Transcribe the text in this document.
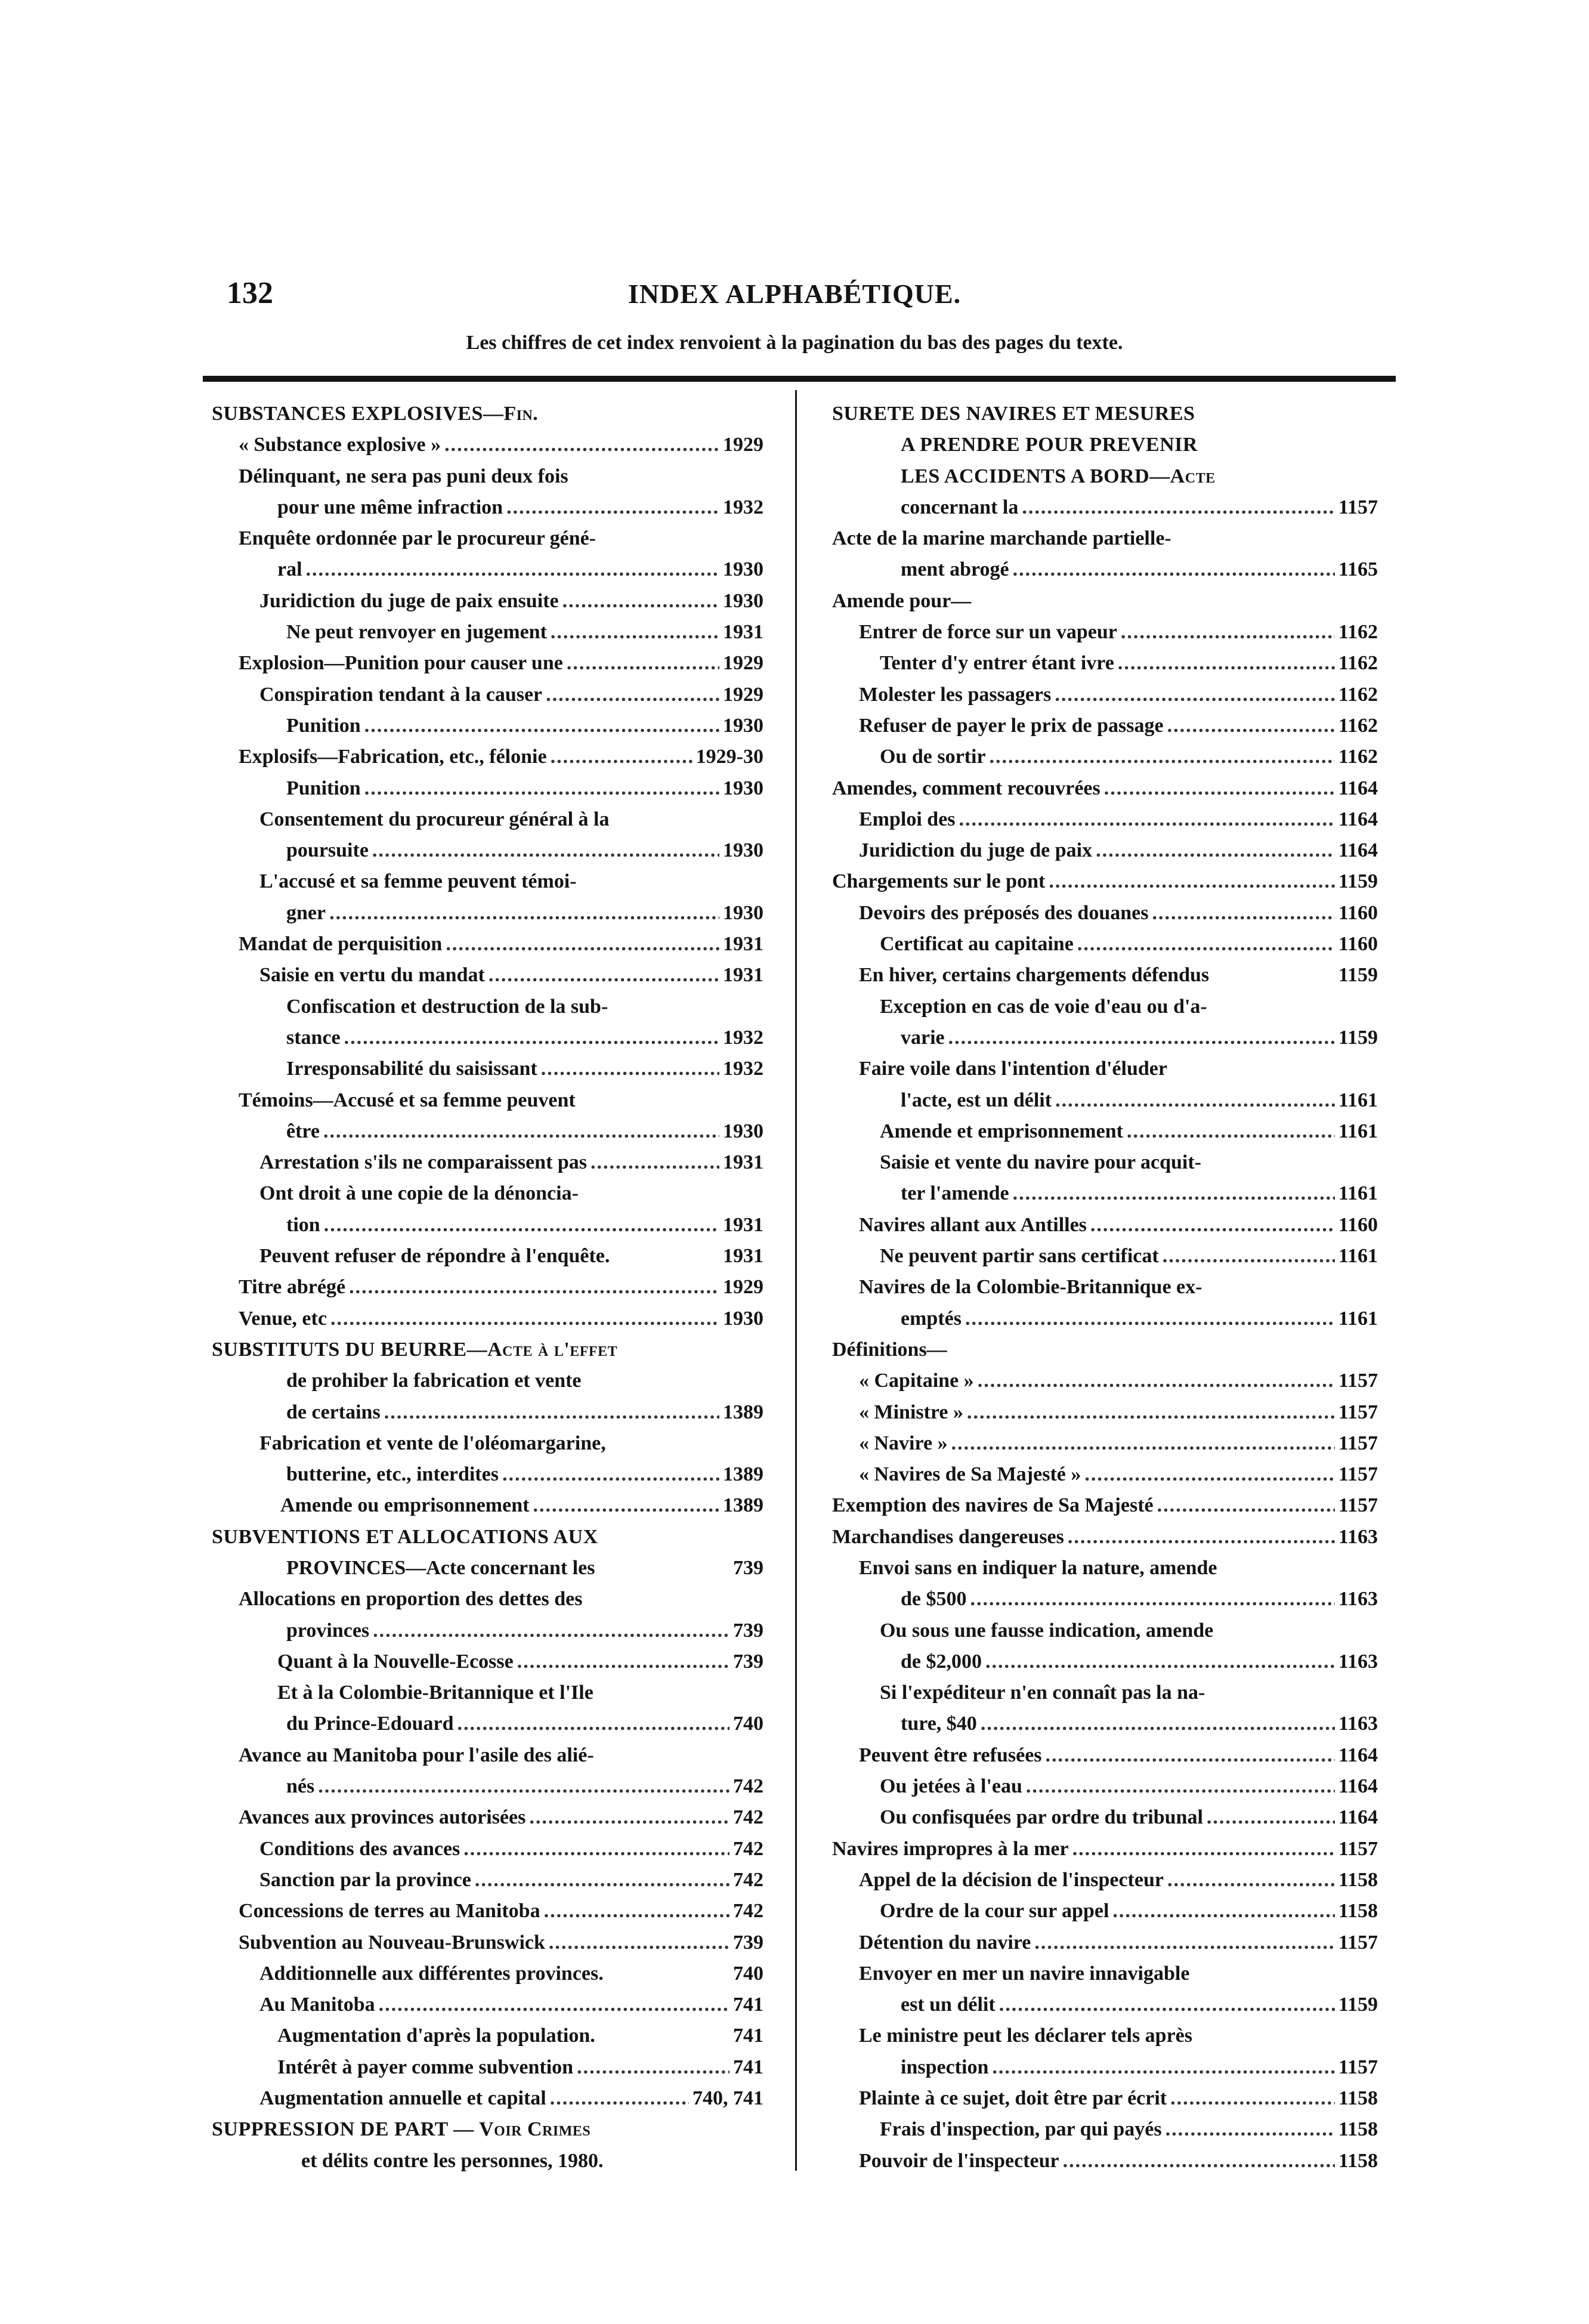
132	INDEX ALPHABÉTIQUE.
Les chiffres de cet index renvoient à la pagination du bas des pages du texte.
SUBSTANCES EXPLOSIVES—Fin.
« Substance explosive » .....	1929
Délinquant, ne sera pas puni deux fois
pour une même infraction .....	1932
Enquête ordonnée par le procureur géné-
ral .....	1930
Juridiction du juge de paix ensuite .....	1930
Ne peut renvoyer en jugement .....	1931
Explosion—Punition pour causer une .....	1929
Conspiration tendant à la causer .....	1929
Punition .....	1930
Explosifs—Fabrication, etc., félonie .....	1929-30
Punition .....	1930
Consentement du procureur général à la
poursuite .....	1930
L'accusé et sa femme peuvent témoi-
gner .....	1930
Mandat de perquisition .....	1931
Saisie en vertu du mandat .....	1931
Confiscation et destruction de la sub-
stance .....	1932
Irresponsabilité du saisissant .....	1932
Témoins—Accusé et sa femme peuvent
être .....	1930
Arrestation s'ils ne comparaissent pas .....	1931
Ont droit à une copie de la dénoncia-
tion .....	1931
Peuvent refuser de répondre à l'enquête.	1931
Titre abrégé .....	1929
Venue, etc .....	1930
SUBSTITUTS DU BEURRE—Acte à l'effet
de prohiber la fabrication et vente
de certains .....	1389
Fabrication et vente de l'oléomargarine,
butterine, etc., interdites .....	1389
Amende ou emprisonnement .....	1389
SUBVENTIONS ET ALLOCATIONS AUX
PROVINCES—Acte concernant les	739
Allocations en proportion des dettes des
provinces .....	739
Quant à la Nouvelle-Ecosse .....	739
Et à la Colombie-Britannique et l'Ile
du Prince-Edouard .....	740
Avance au Manitoba pour l'asile des alié-
nés .....	742
Avances aux provinces autorisées .....	742
Conditions des avances .....	742
Sanction par la province .....	742
Concessions de terres au Manitoba .....	742
Subvention au Nouveau-Brunswick .....	739
Additionnelle aux différentes provinces.	740
Au Manitoba .....	741
Augmentation d'après la population.	741
Intérêt à payer comme subvention .....	741
Augmentation annuelle et capital .....	740, 741
SUPPRESSION DE PART — Voir Crimes
et délits contre les personnes, 1980.
SURETE DES NAVIRES ET MESURES
A PRENDRE POUR PREVENIR
LES ACCIDENTS A BORD—Acte
concernant la .....	1157
Acte de la marine marchande partielle-
ment abrogé .....	1165
Amende pour—
Entrer de force sur un vapeur .....	1162
Tenter d'y entrer étant ivre .....	1162
Molester les passagers .....	1162
Refuser de payer le prix de passage .....	1162
Ou de sortir .....	1162
Amendes, comment recouvrées .....	1164
Emploi des .....	1164
Juridiction du juge de paix .....	1164
Chargements sur le pont .....	1159
Devoirs des préposés des douanes .....	1160
Certificat au capitaine .....	1160
En hiver, certains chargements défendus	1159
Exception en cas de voie d'eau ou d'a-
varie .....	1159
Faire voile dans l'intention d'éluder
l'acte, est un délit .....	1161
Amende et emprisonnement .....	1161
Saisie et vente du navire pour acquit-
ter l'amende .....	1161
Navires allant aux Antilles .....	1160
Ne peuvent partir sans certificat .....	1161
Navires de la Colombie-Britannique ex-
emptés .....	1161
Définitions—
« Capitaine » .....	1157
« Ministre » .....	1157
« Navire » .....	1157
« Navires de Sa Majesté » .....	1157
Exemption des navires de Sa Majesté .....	1157
Marchandises dangereuses .....	1163
Envoi sans en indiquer la nature, amende
de $500 .....	1163
Ou sous une fausse indication, amende
de $2,000 .....	1163
Si l'expéditeur n'en connaît pas la na-
ture, $40 .....	1163
Peuvent être refusées .....	1164
Ou jetées à l'eau .....	1164
Ou confisquées par ordre du tribunal .....	1164
Navires impropres à la mer .....	1157
Appel de la décision de l'inspecteur .....	1158
Ordre de la cour sur appel .....	1158
Détention du navire .....	1157
Envoyer en mer un navire innavigable
est un délit .....	1159
Le ministre peut les déclarer tels après
inspection .....	1157
Plainte à ce sujet, doit être par écrit .....	1158
Frais d'inspection, par qui payés .....	1158
Pouvoir de l'inspecteur .....	1158
